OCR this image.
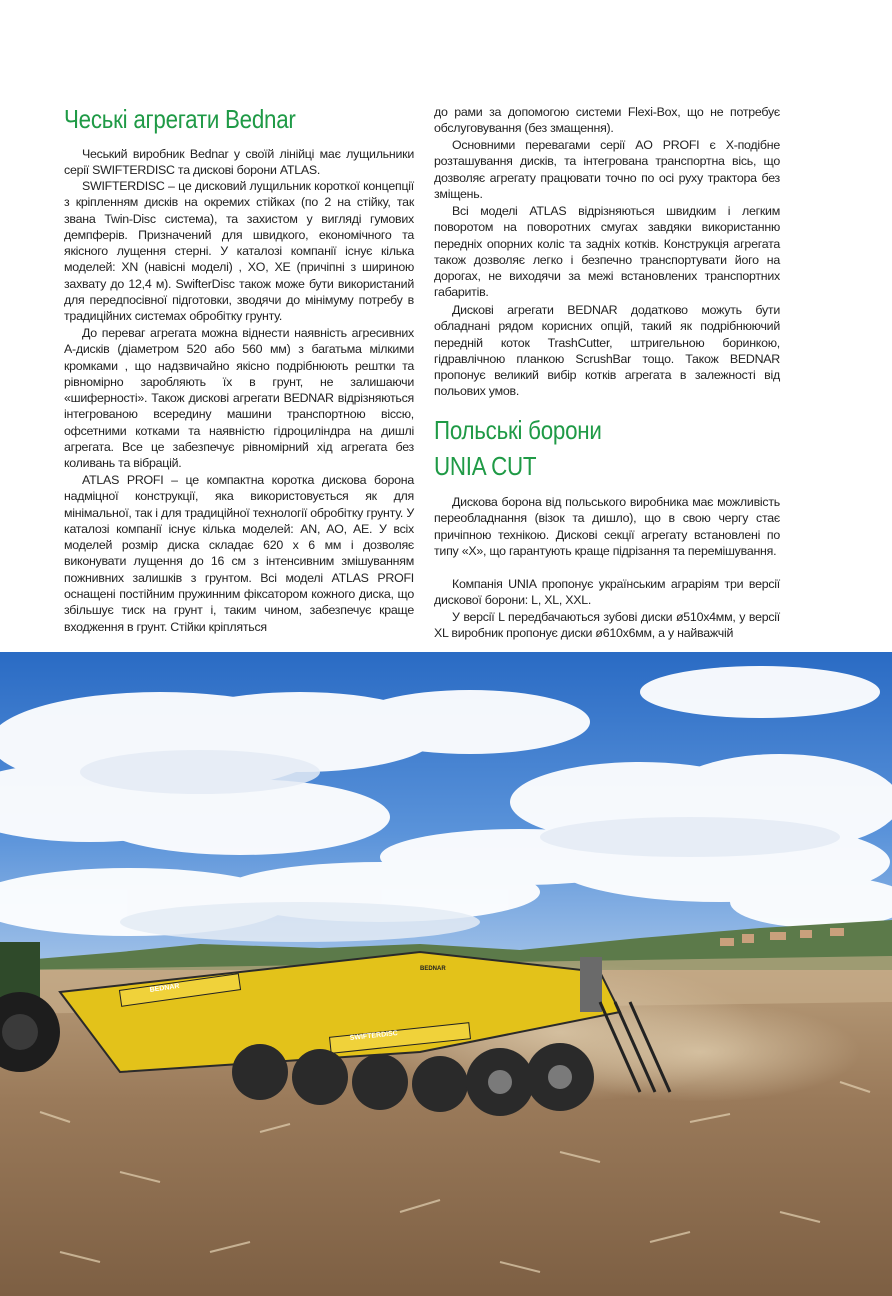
Чеські агрегати Bednar

Чеський виробник Bednar у своїй лінійці має лущильники серії SWIFTERDISC та дискові борони ATLAS.

SWIFTERDISC – це дисковий лущильник короткої концепції з кріпленням дисків на окремих стійках (по 2 на стійку, так звана Twin-Disc система), та захистом у вигляді гумових демпферів. Призначений для швидкого, економічного та якісного лущення стерні. У каталозі компанії існує кілька моделей: XN (навісні моделі) , XO, XE (причіпні з шириною захвату до 12,4 м). SwifterDisc також може бути використаний для передпосівної підготовки, зводячи до мінімуму потребу в традиційних системах обробітку грунту.

До переваг агрегата можна віднести наявність агресивних А-дисків (діаметром 520 або 560 мм) з багатьма мілкими кромками , що надзвичайно якісно подрібнюють рештки та рівномірно заробляють їх в грунт, не залишаючи «шиферності». Також дискові агрегати BEDNAR відрізняються інтегрованою всередину машини транспортною віссю, офсетними котками та наявністю гідроциліндра на дишлі агрегата. Все це забезпечує рівномірний хід агрегата без коливань та вібрацій.

ATLAS PROFI – це компактна коротка дискова борона надміцної конструкції, яка використовується як для мінімальної, так і для традиційної технології обробітку грунту. У каталозі компанії існує кілька моделей: AN, AO, AE. У всіх моделей розмір диска складає 620 х 6 мм і дозволяє виконувати лущення до 16 см з інтенсивним змішуванням пожнивних залишків з грунтом. Всі моделі ATLAS PROFI оснащені постійним пружинним фіксатором кожного диска, що збільшує тиск на грунт і, таким чином, забезпечує краще входження в грунт. Стійки кріпляться

до рами за допомогою системи Flexi-Box, що не потребує обслуговування (без змащення).

Основними перевагами серії AO PROFI є X-подібне розташування дисків, та інтегрована транспортна вісь, що дозволяє агрегату працювати точно по осі руху трактора без зміщень.

Всі моделі ATLAS відрізняються швидким і легким поворотом на поворотних смугах завдяки використанню передніх опорних коліс та задніх котків. Конструкція агрегата також дозволяє легко і безпечно транспортувати його на дорогах, не виходячи за межі встановлених транспортних габаритів.

Дискові агрегати BEDNAR додатково можуть бути обладнані рядом корисних опцій, такий як подрібнюючий передній коток TrashCutter, штригельною боринкою, гідравлічною планкою ScrushBar тощо. Також BEDNAR пропонує великий вибір котків агрегата в залежності від польових умов.

Польські борони
UNIA CUT

Дискова борона від польського виробника має можливість переобладнання (візок та дишло), що в свою чергу стає причіпною технікою. Дискові секції агрегату встановлені по типу «Х», що гарантують краще підрізання та перемішування.

Компанія UNIA пропонує українським аграріям три версії дискової борони: L, XL, XXL.

У версії L передбачаються зубові диски ø510х4мм, у версії XL виробник пропонує диски ø610х6мм, а у найважчій

BEDNAR
SWIFTERDISC
BEDNAR
